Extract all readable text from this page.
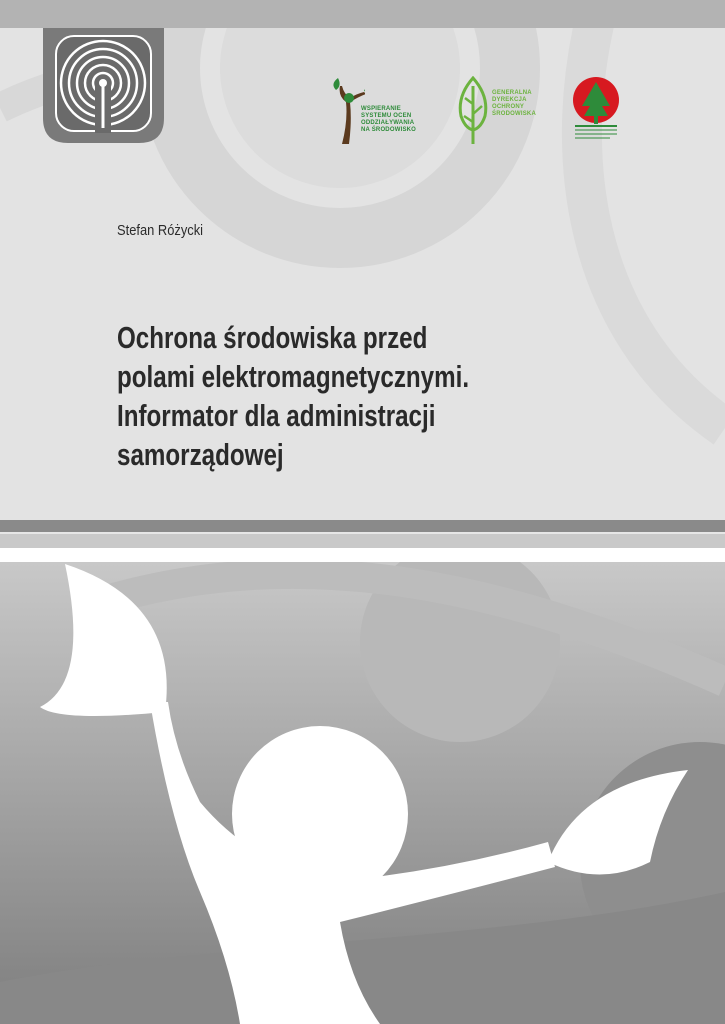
WSPIERANIE
SYSTEMU OCEN
ODDZIAŁYWANIA
NA ŚRODOWISKO
GENERALNA
DYREKCJA
OCHRONY
ŚRODOWISKA
Stefan Różycki
Ochrona środowiska przed
polami elektromagnetycznymi.
Informator dla administracji
samorządowej
